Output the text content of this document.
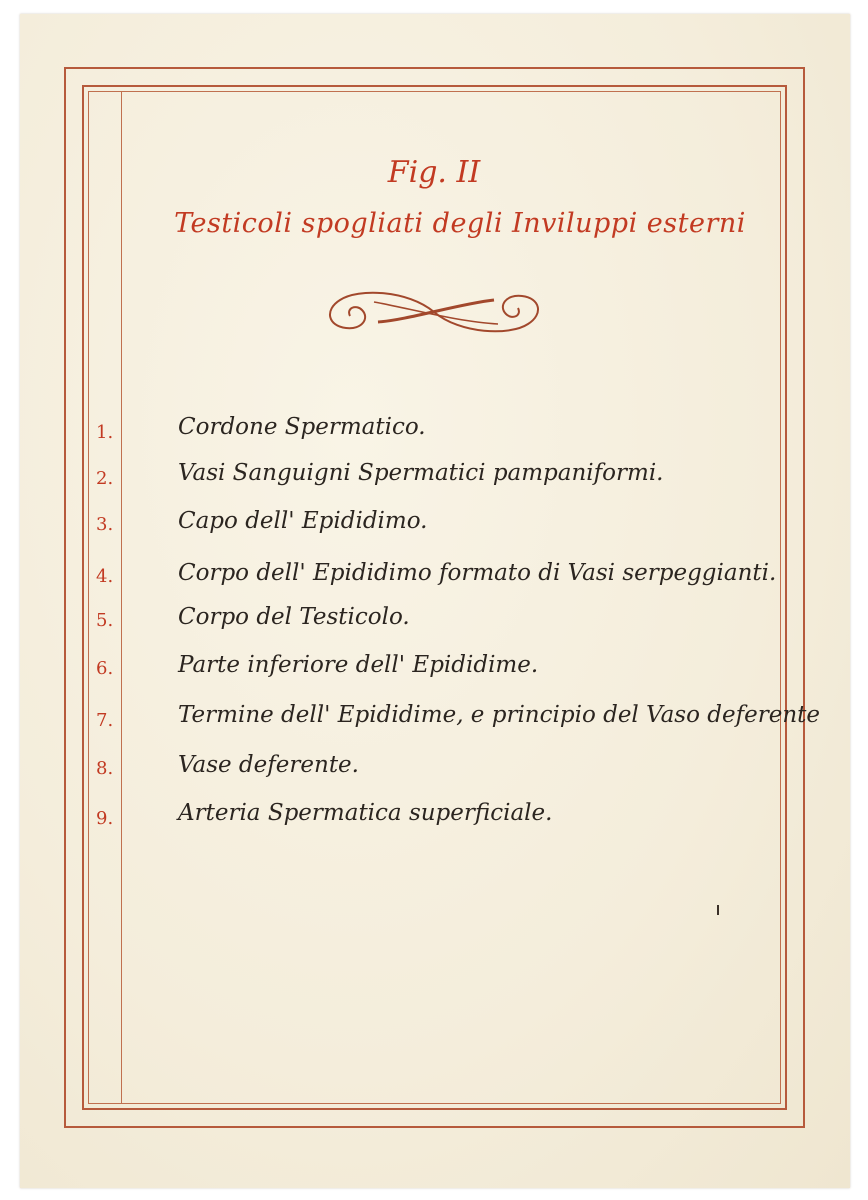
Fig. II
Testicoli spogliati degli Inviluppi esterni
1.	Cordone Spermatico.
2.	Vasi Sanguigni Spermatici pampaniformi.
3.	Capo dell' Epididimo.
4.	Corpo dell' Epididimo formato di Vasi serpeggianti.
5.	Corpo del Testicolo.
6.	Parte inferiore dell' Epididime.
7.	Termine dell' Epididime, e principio del Vaso deferente
8.	Vase deferente.
9.	Arteria Spermatica superficiale.
